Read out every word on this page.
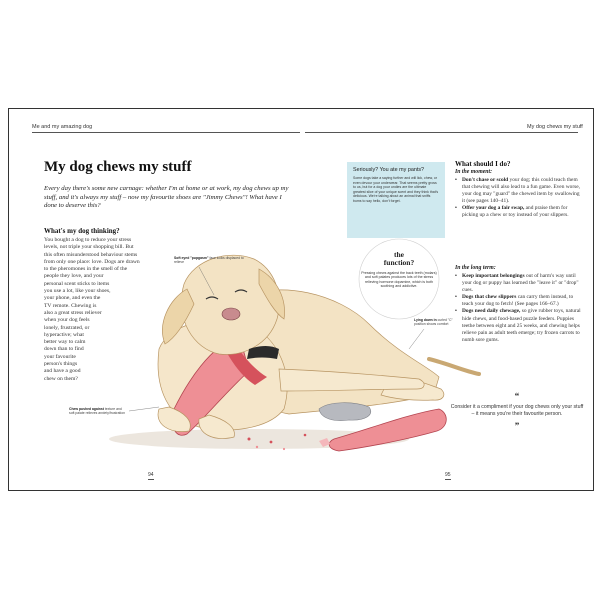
Me and my amazing dog	My dog chews my stuff
My dog chews my stuff
Every day there's some new carnage: whether I'm at home or at work, my dog chews up my stuff, and it's always my stuff – now my favourite shoes are "Jimmy Chews"! What have I done to deserve this?
What's my dog thinking?
You bought a dog to reduce your stress
levels, not triple your shopping bill. But
this often misunderstood behaviour stems
from only one place: love. Dogs are drawn
to the pheromones in the smell of the
people they love, and your
personal scent sticks to items
you use a lot, like your shoes,
your phone, and even the
TV remote. Chewing is
also a great stress reliever
when your dog feels
lonely, frustrated, or
hyperactive; what
better way to calm
down than to find
your favourite
person's things
and have a good
chew on them?
Soft eyed "pupgasm" face looks displaced to relieve
Chew pushed against texture and soft palate relieves anxiety/frustration
94
Seriously? You ate my pants?
Some dogs take a saying further and will lick, chew, or even devour your underwear. That seems pretty gross to us, but for a dog your undies are the ultimate greatest slice of your unique scent and they think that's delicious. We're talking about an animal that sniffs bums to say hello, don't forget.
the
function?
Pressing chews against the back teeth (molars) and soft palates produces lots of the stress relieving hormone dopamine, which is both soothing and addictive.
Lying down in curled "C" position shows comfort
What should I do?
In the moment:
• Don't chase or scold your dog; this could teach them that chewing will also lead to a fun game. Even worse, your dog may "guard" the chewed item by swallowing it (see pages 140–41).
• Offer your dog a fair swap, and praise them for picking up a chew or toy instead of your slippers.
In the long term:
• Keep important belongings out of harm's way until your dog or puppy has learned the "leave it" or "drop" cues.
• Dogs that chew slippers can carry them instead, to teach your dog to fetch! (See pages 166–67.)
• Dogs need daily chewage, so give rubber toys, natural hide chews, and food-based puzzle feeders. Puppies teethe between eight and 25 weeks, and chewing helps relieve pain as adult teeth emerge; try frozen carrots to numb sore gums.
“
Consider it a compliment if your dog chews only your stuff – it means you're their favourite person.
”
95
